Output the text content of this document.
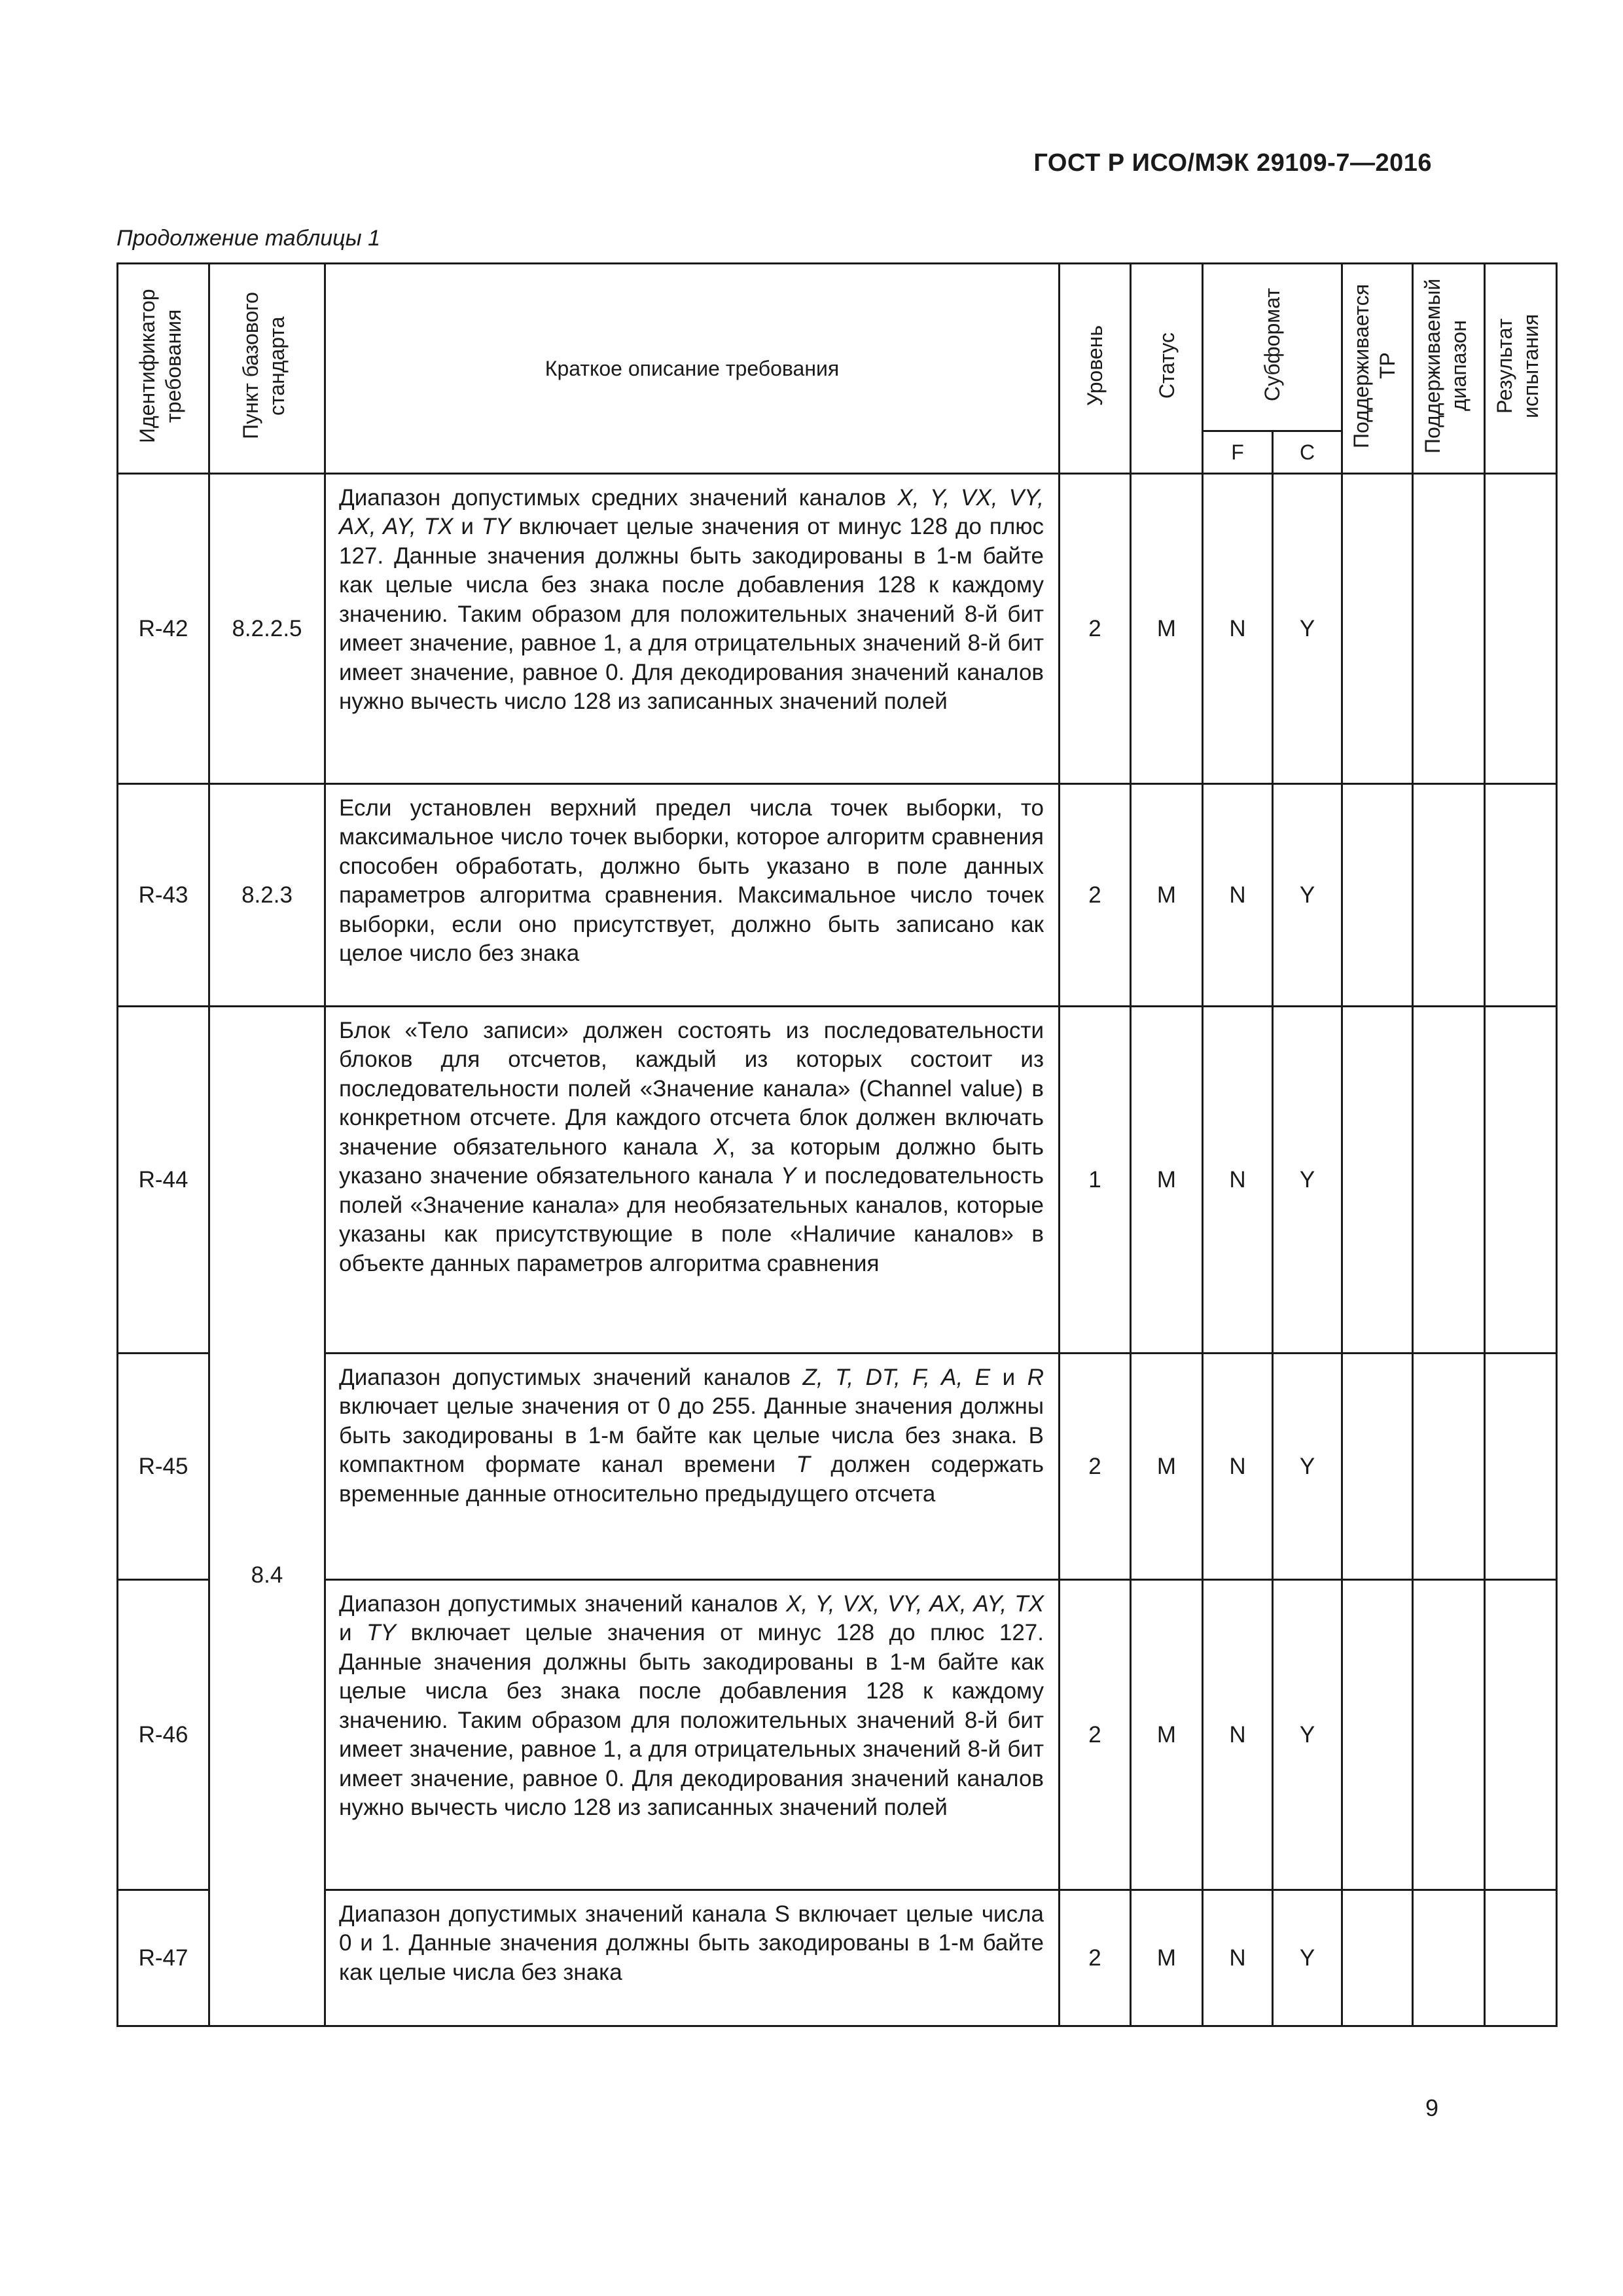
ГОСТ Р ИСО/МЭК 29109-7—2016
Продолжение таблицы 1
Идентификатор требования	Пункт базового стандарта	Краткое описание требования	Уровень	Статус	Субформат		Поддерживается ТР	Поддерживаемый диапазон	Результат испытания
					F	C			
R-42	8.2.2.5	Диапазон допустимых средних значений каналов X, Y, VX, VY, AX, AY, TX и TY включает целые значения от минус 128 до плюс 127. Данные значения должны быть закодированы в 1-м байте как целые числа без знака после добавления 128 к каждому значению. Таким образом для положительных значений 8-й бит имеет значение, равное 1, а для отрицательных значений 8-й бит имеет значение, равное 0. Для декодирования значений каналов нужно вычесть число 128 из записанных значений полей	2	M	N	Y			
R-43	8.2.3	Если установлен верхний предел числа точек выборки, то максимальное число точек выборки, которое алгоритм сравнения способен обработать, должно быть указано в поле данных параметров алгоритма сравнения. Максимальное число точек выборки, если оно присутствует, должно быть записано как целое число без знака	2	M	N	Y			
R-44	8.4	Блок «Тело записи» должен состоять из последовательности блоков для отсчетов, каждый из которых состоит из последовательности полей «Значение канала» (Channel value) в конкретном отсчете. Для каждого отсчета блок должен включать значение обязательного канала X, за которым должно быть указано значение обязательного канала Y и последовательность полей «Значение канала» для необязательных каналов, которые указаны как присутствующие в поле «Наличие каналов» в объекте данных параметров алгоритма сравнения	1	M	N	Y			
R-45		Диапазон допустимых значений каналов Z, T, DT, F, A, E и R включает целые значения от 0 до 255. Данные значения должны быть закодированы в 1-м байте как целые числа без знака. В компактном формате канал времени T должен содержать временные данные относительно предыдущего отсчета	2	M	N	Y			
R-46		Диапазон допустимых значений каналов X, Y, VX, VY, AX, AY, TX и TY включает целые значения от минус 128 до плюс 127. Данные значения должны быть закодированы в 1-м байте как целые числа без знака после добавления 128 к каждому значению. Таким образом для положительных значений 8-й бит имеет значение, равное 1, а для отрицательных значений 8-й бит имеет значение, равное 0. Для декодирования значений каналов нужно вычесть число 128 из записанных значений полей	2	M	N	Y			
R-47		Диапазон допустимых значений канала S включает целые числа 0 и 1. Данные значения должны быть закодированы в 1-м байте как целые числа без знака	2	M	N	Y			
9
